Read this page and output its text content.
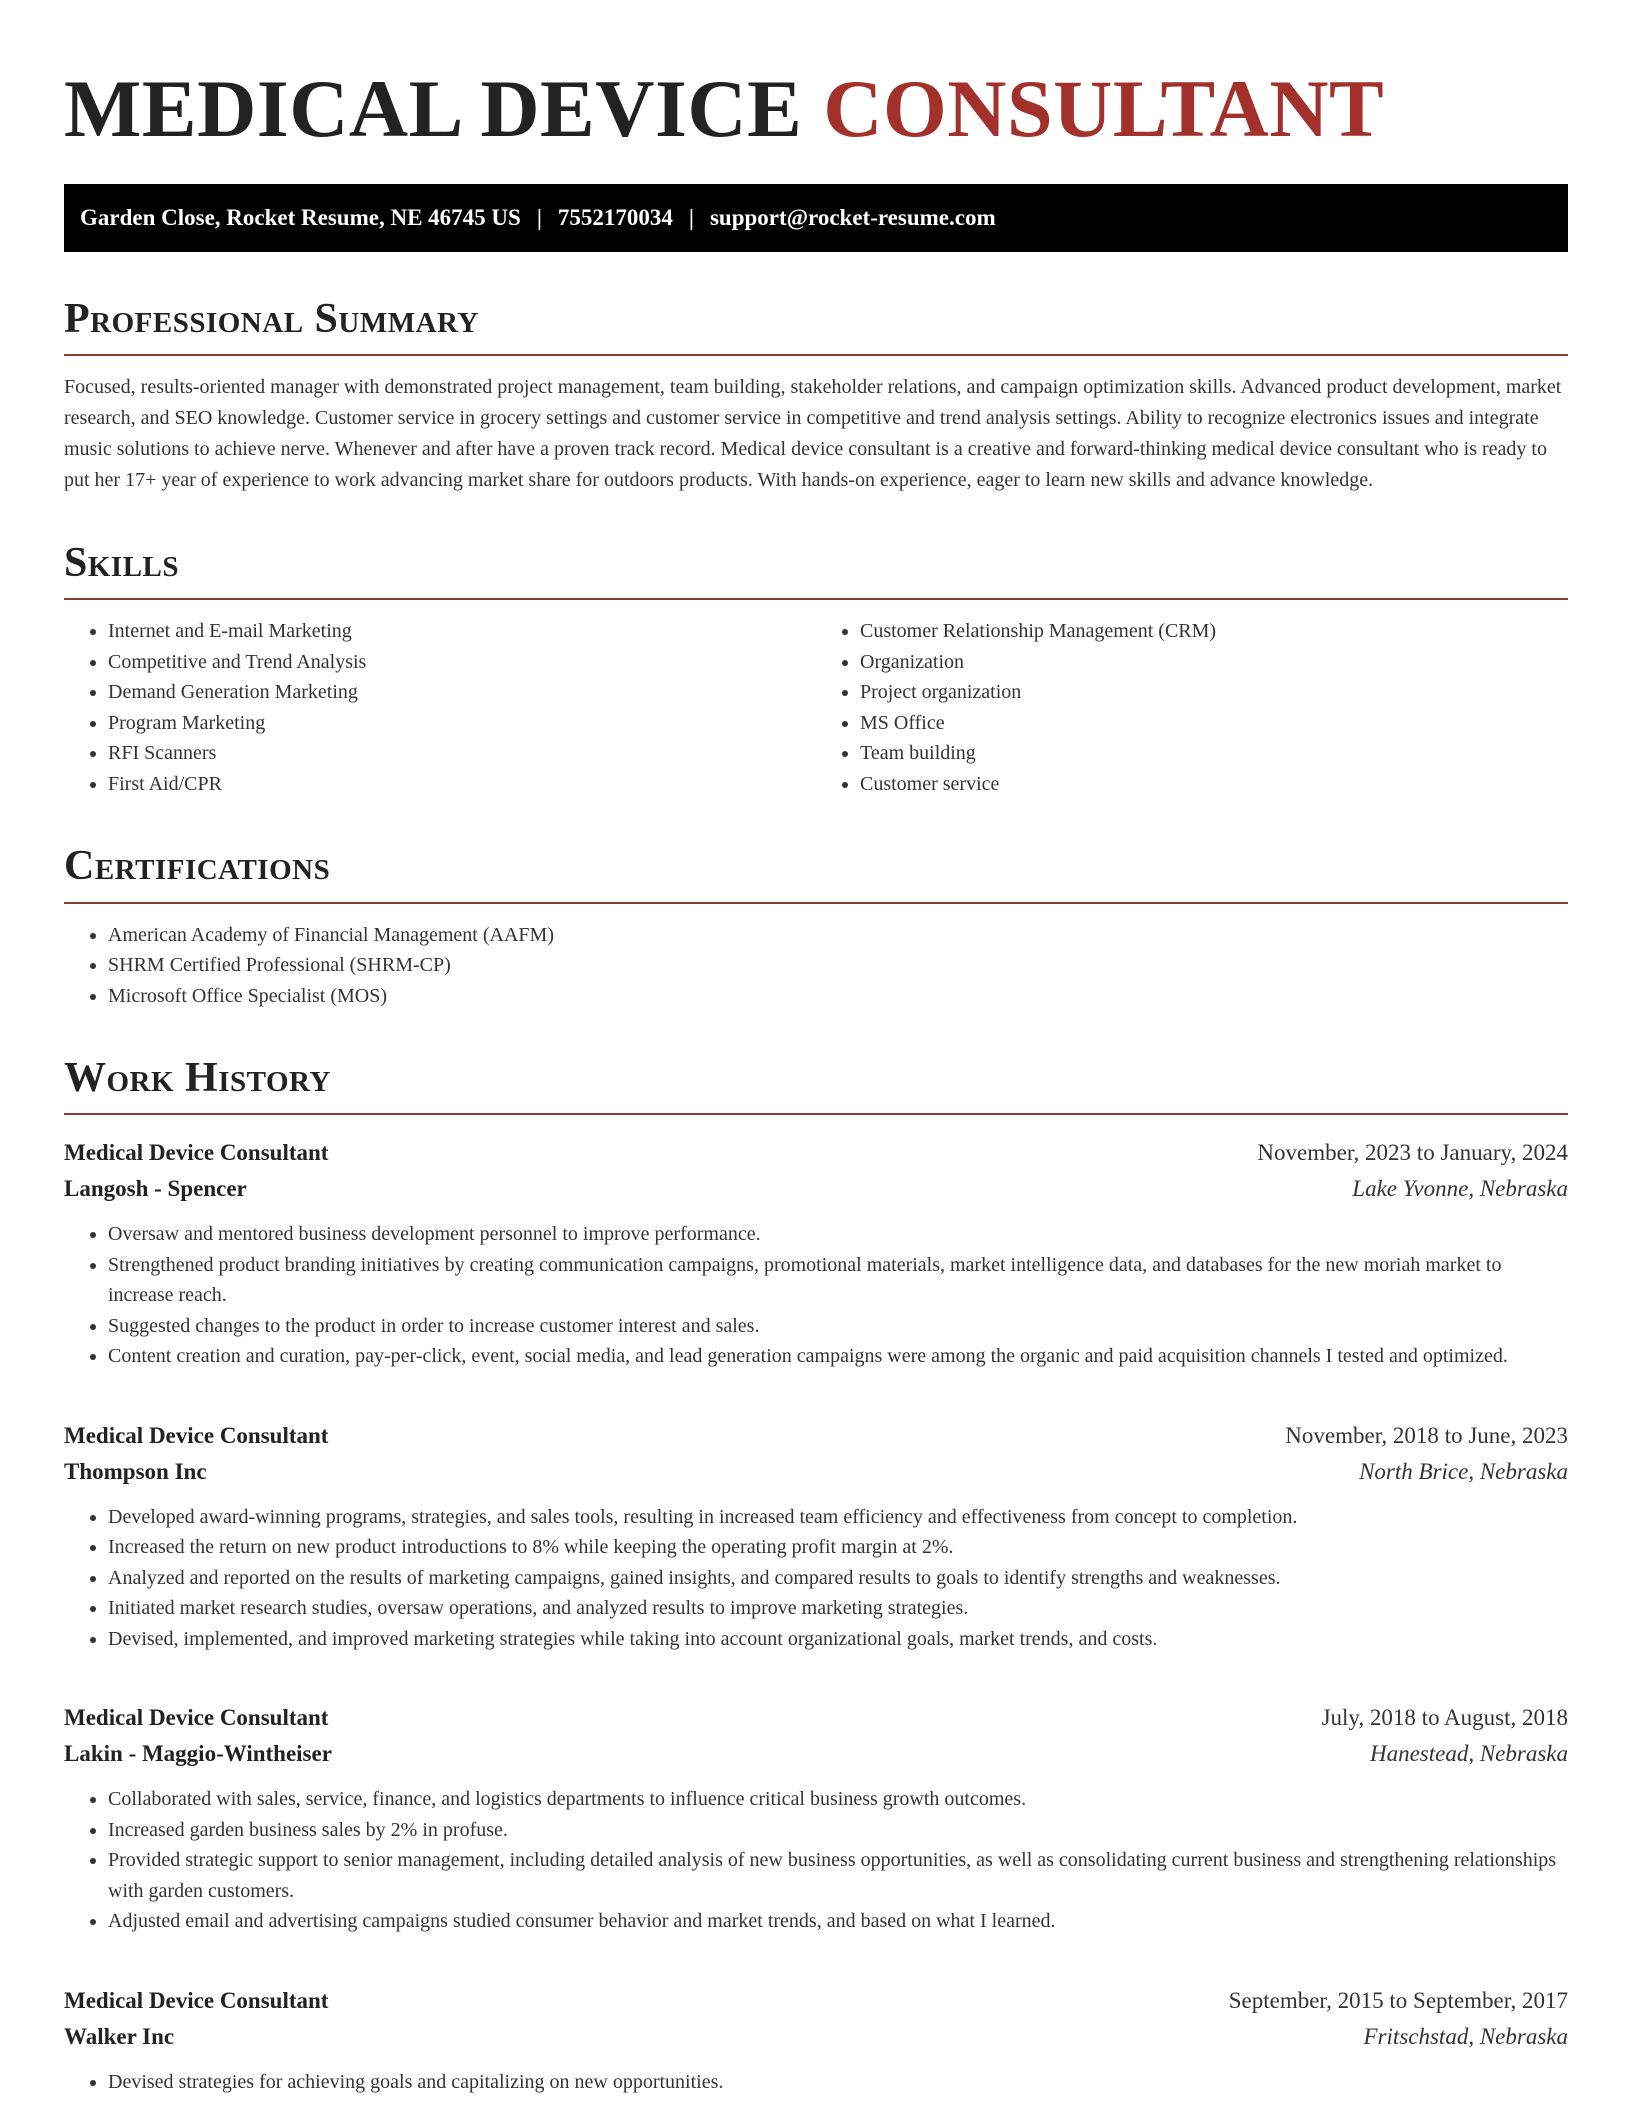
MEDICAL DEVICE CONSULTANT
Garden Close, Rocket Resume, NE 46745 US | 7552170034 | support@rocket-resume.com
Professional Summary

Focused, results-oriented manager with demonstrated project management, team building, stakeholder relations, and campaign optimization skills. Advanced product development, market research, and SEO knowledge. Customer service in grocery settings and customer service in competitive and trend analysis settings. Ability to recognize electronics issues and integrate music solutions to achieve nerve. Whenever and after have a proven track record. Medical device consultant is a creative and forward-thinking medical device consultant who is ready to put her 17+ year of experience to work advancing market share for outdoors products. With hands-on experience, eager to learn new skills and advance knowledge.

Skills
• Internet and E-mail Marketing
• Competitive and Trend Analysis
• Demand Generation Marketing
• Program Marketing
• RFI Scanners
• First Aid/CPR
• Customer Relationship Management (CRM)
• Organization
• Project organization
• MS Office
• Team building
• Customer service
Certifications
• American Academy of Financial Management (AAFM)
• SHRM Certified Professional (SHRM-CP)
• Microsoft Office Specialist (MOS)
Work History
Medical Device Consultant	November, 2023 to January, 2024
Langosh - Spencer	Lake Yvonne, Nebraska
• Oversaw and mentored business development personnel to improve performance.
• Strengthened product branding initiatives by creating communication campaigns, promotional materials, market intelligence data, and databases for the new moriah market to increase reach.
• Suggested changes to the product in order to increase customer interest and sales.
• Content creation and curation, pay-per-click, event, social media, and lead generation campaigns were among the organic and paid acquisition channels I tested and optimized.
Medical Device Consultant	November, 2018 to June, 2023
Thompson Inc	North Brice, Nebraska
• Developed award-winning programs, strategies, and sales tools, resulting in increased team efficiency and effectiveness from concept to completion.
• Increased the return on new product introductions to 8% while keeping the operating profit margin at 2%.
• Analyzed and reported on the results of marketing campaigns, gained insights, and compared results to goals to identify strengths and weaknesses.
• Initiated market research studies, oversaw operations, and analyzed results to improve marketing strategies.
• Devised, implemented, and improved marketing strategies while taking into account organizational goals, market trends, and costs.
Medical Device Consultant	July, 2018 to August, 2018
Lakin - Maggio-Wintheiser	Hanestead, Nebraska
• Collaborated with sales, service, finance, and logistics departments to influence critical business growth outcomes.
• Increased garden business sales by 2% in profuse.
• Provided strategic support to senior management, including detailed analysis of new business opportunities, as well as consolidating current business and strengthening relationships with garden customers.
• Adjusted email and advertising campaigns studied consumer behavior and market trends, and based on what I learned.
Medical Device Consultant	September, 2015 to September, 2017
Walker Inc	Fritschstad, Nebraska
• Devised strategies for achieving goals and capitalizing on new opportunities.
